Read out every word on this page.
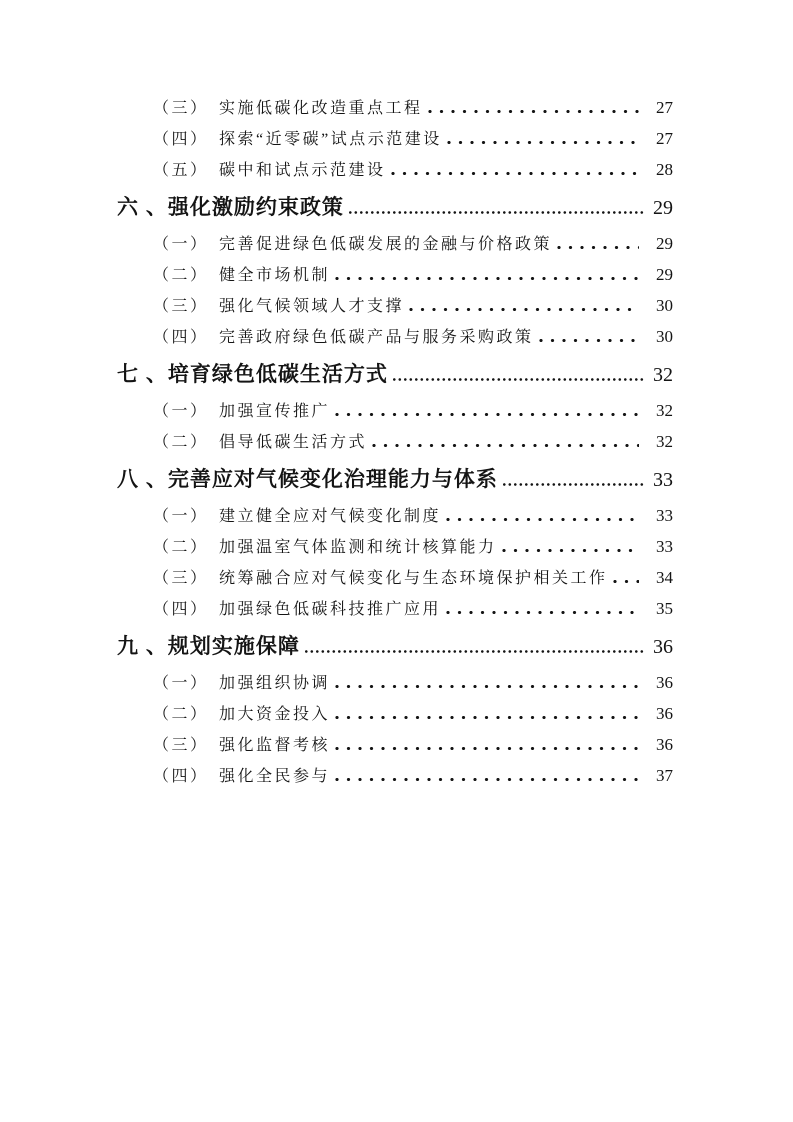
（三）　实施低碳化改造重点工程	27
（四）　探索“近零碳”试点示范建设	27
（五）　碳中和试点示范建设	28
六 、强化激励约束政策	29
（一）　完善促进绿色低碳发展的金融与价格政策	29
（二）　健全市场机制	29
（三）　强化气候领域人才支撑	30
（四）　完善政府绿色低碳产品与服务采购政策	30
七 、培育绿色低碳生活方式	32
（一）　加强宣传推广	32
（二）　倡导低碳生活方式	32
八 、完善应对气候变化治理能力与体系	33
（一）　建立健全应对气候变化制度	33
（二）　加强温室气体监测和统计核算能力	33
（三）　统筹融合应对气候变化与生态环境保护相关工作	34
（四）　加强绿色低碳科技推广应用	35
九 、规划实施保障	36
（一）　加强组织协调	36
（二）　加大资金投入	36
（三）　强化监督考核	36
（四）　强化全民参与	37
